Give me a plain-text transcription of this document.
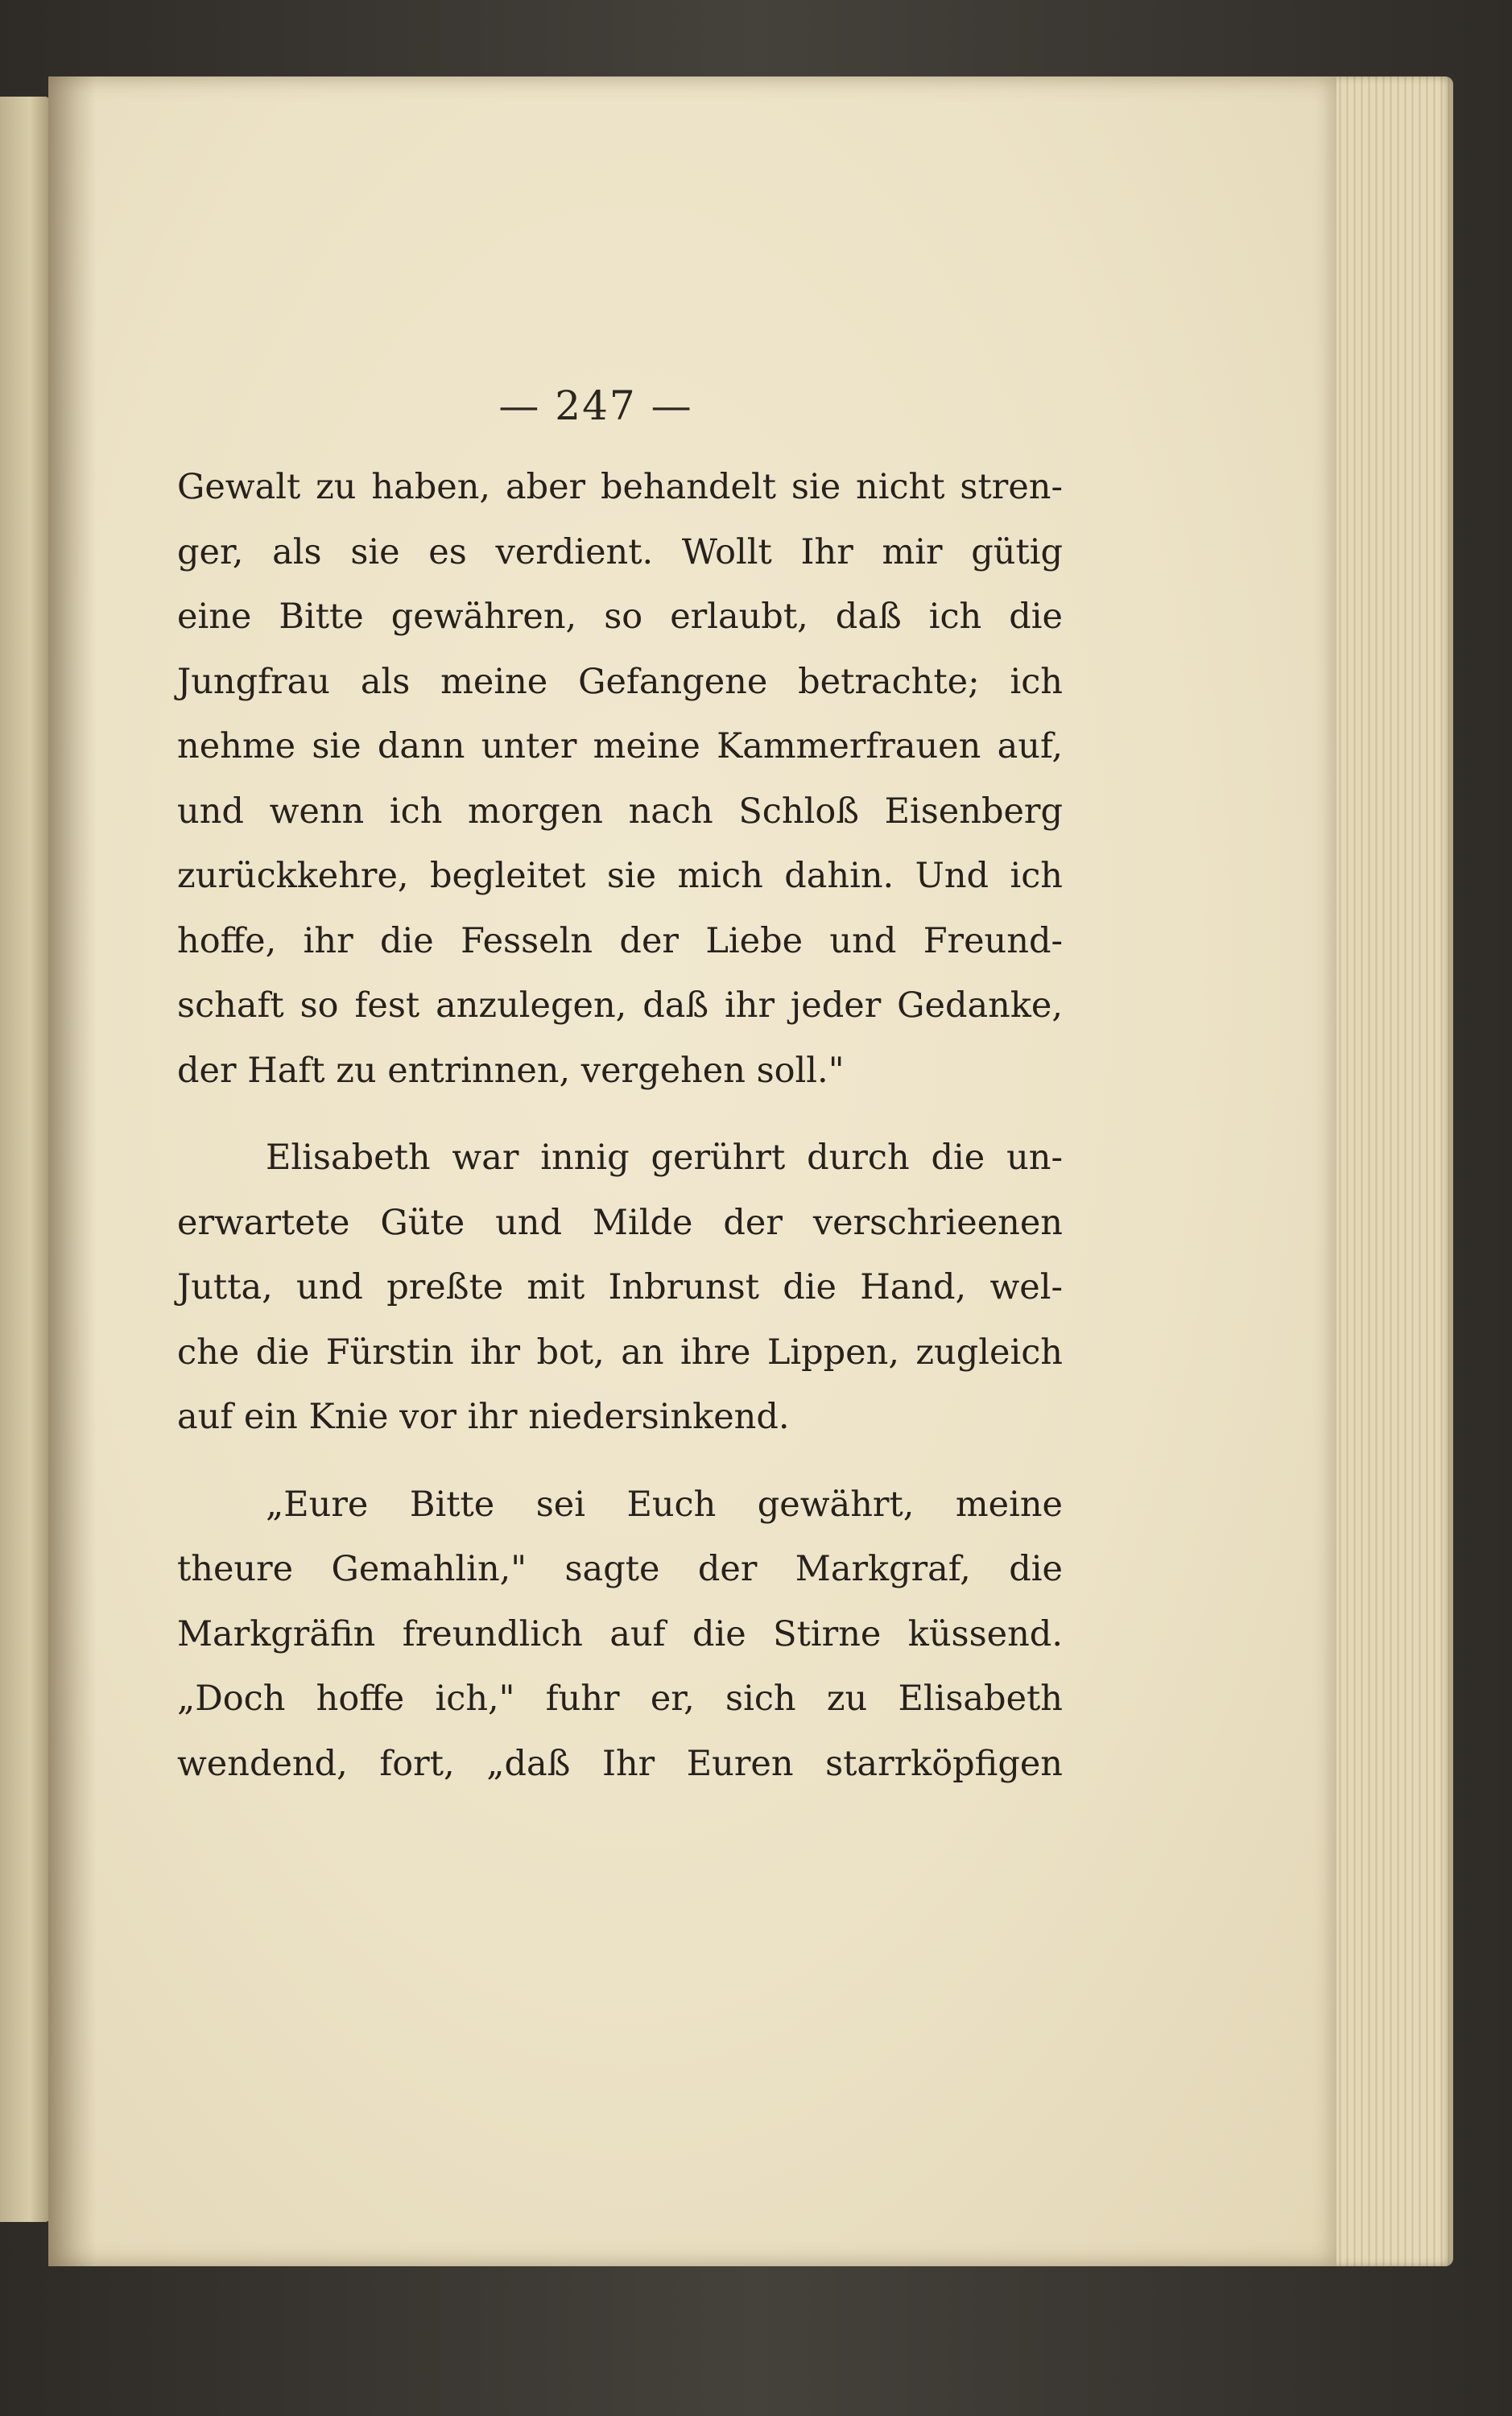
— 247 —
Gewalt zu haben, aber behandelt sie nicht stren-
ger, als sie es verdient. Wollt Ihr mir gütig
eine Bitte gewähren, so erlaubt, daß ich die
Jungfrau als meine Gefangene betrachte; ich
nehme sie dann unter meine Kammerfrauen auf,
und wenn ich morgen nach Schloß Eisenberg
zurückkehre, begleitet sie mich dahin. Und ich
hoffe, ihr die Fesseln der Liebe und Freund-
schaft so fest anzulegen, daß ihr jeder Gedanke,
der Haft zu entrinnen, vergehen soll."
Elisabeth war innig gerührt durch die un-
erwartete Güte und Milde der verschrieenen
Jutta, und preßte mit Inbrunst die Hand, wel-
che die Fürstin ihr bot, an ihre Lippen, zugleich
auf ein Knie vor ihr niedersinkend.
„Eure Bitte sei Euch gewährt, meine
theure Gemahlin," sagte der Markgraf, die
Markgräfin freundlich auf die Stirne küssend.
„Doch hoffe ich," fuhr er, sich zu Elisabeth
wendend, fort, „daß Ihr Euren starrköpfigen
